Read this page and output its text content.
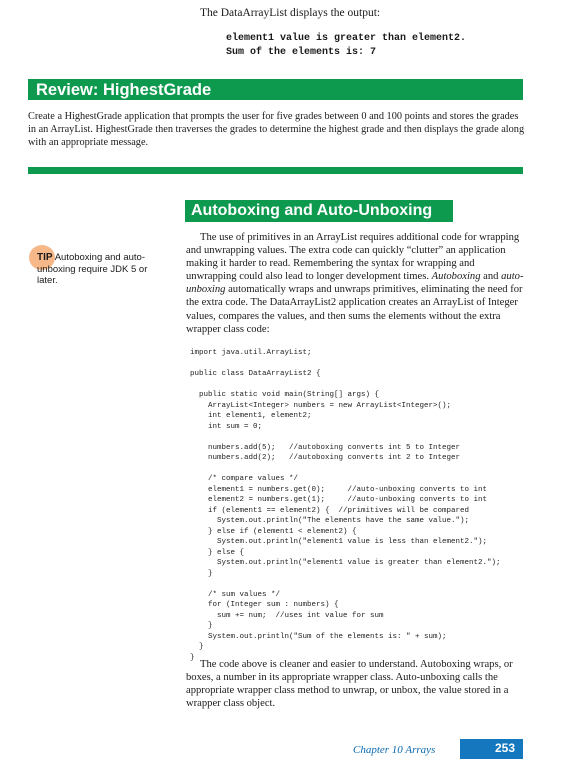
The DataArrayList displays the output:
element1 value is greater than element2.
Sum of the elements is: 7
Review: HighestGrade
Create a HighestGrade application that prompts the user for five grades between 0 and 100 points and stores the grades in an ArrayList. HighestGrade then traverses the grades to determine the highest grade and then displays the grade along with an appropriate message.
Autoboxing and Auto-Unboxing
TIP Autoboxing and auto-unboxing require JDK 5 or later.

The use of primitives in an ArrayList requires additional code for wrapping and unwrapping values. The extra code can quickly “clutter” an application making it harder to read. Remembering the syntax for wrapping and unwrapping could also lead to longer development times. Autoboxing and auto-unboxing automatically wraps and unwraps primitives, eliminating the need for the extra code. The DataArrayList2 application creates an ArrayList of Integer values, compares the values, and then sums the elements without the extra wrapper class code:

import java.util.ArrayList;

public class DataArrayList2 {

public static void main(String[] args) {
ArrayList<Integer> numbers = new ArrayList<Integer>();
int element1, element2;
int sum = 0;

numbers.add(5);   //autoboxing converts int 5 to Integer
numbers.add(2);   //autoboxing converts int 2 to Integer

/* compare values */
element1 = numbers.get(0);     //auto-unboxing converts to int
element2 = numbers.get(1);     //auto-unboxing converts to int
if (element1 == element2) {  //primitives will be compared
System.out.println("The elements have the same value.");
} else if (element1 < element2) {
System.out.println("element1 value is less than element2.");
} else {
System.out.println("element1 value is greater than element2.");
}

/* sum values */
for (Integer sum : numbers) {
sum += num;  //uses int value for sum
}
System.out.println("Sum of the elements is: " + sum);
}
}

The code above is cleaner and easier to understand. Autoboxing wraps, or boxes, a number in its appropriate wrapper class. Auto-unboxing calls the appropriate wrapper class method to unwrap, or unbox, the value stored in a wrapper class object.

Chapter 10 Arrays	253
